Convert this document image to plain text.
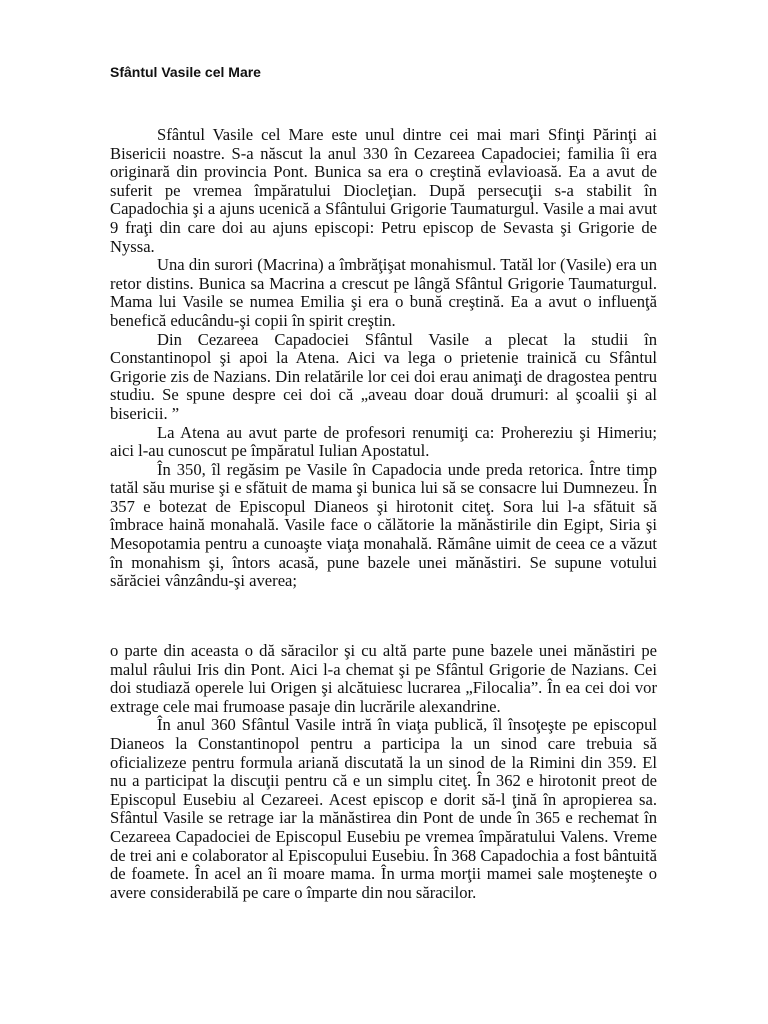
Sfântul Vasile cel Mare

Sfântul Vasile cel Mare este unul dintre cei mai mari Sfinţi Părinţi ai Bisericii noastre. S-a născut la anul 330 în Cezareea Capadociei; familia îi era originară din provincia Pont. Bunica sa era o creştină evlavioasă. Ea a avut de suferit pe vremea împăratului Diocleţian. După persecuţii s-a stabilit în Capadochia şi a ajuns ucenică a Sfântului Grigorie Taumaturgul. Vasile a mai avut 9 fraţi din care doi au ajuns episcopi: Petru episcop de Sevasta şi Grigorie de Nyssa.

Una din surori (Macrina) a îmbrăţişat monahismul. Tatăl lor (Vasile) era un retor distins. Bunica sa Macrina a crescut pe lângă Sfântul Grigorie Taumaturgul. Mama lui Vasile se numea Emilia şi era o bună creştină. Ea a avut o influenţă benefică educându-şi copii în spirit creştin.

Din Cezareea Capadociei Sfântul Vasile a plecat la studii în Constantinopol şi apoi la Atena. Aici va lega o prietenie trainică cu Sfântul Grigorie zis de Nazians. Din relatările lor cei doi erau animaţi de dragostea pentru studiu. Se spune despre cei doi că „aveau doar două drumuri: al şcoalii şi al bisericii. ”

La Atena au avut parte de profesori renumiţi ca: Proherezіu şi Himeriu; aici l-au cunoscut pe împăratul Iulian Apostatul.

În 350, îl regăsim pe Vasile în Capadocia unde preda retorica. Între timp tatăl său murise şi e sfătuit de mama şi bunica lui să se consacre lui Dumnezeu. În 357 e botezat de Episcopul Dianeos şi hirotonit citeţ. Sora lui l-a sfătuit să îmbrace haină monahală. Vasile face o călătorie la mănăstirile din Egipt, Siria şi Mesopotamia pentru a cunoaşte viaţa monahală. Rămâne uimit de ceea ce a văzut în monahism şi, întors acasă, pune bazele unei mănăstiri. Se supune votului sărăciei vânzându-şi averea;

o parte din aceasta o dă săracilor şi cu altă parte pune bazele unei mănăstiri pe malul râului Iris din Pont. Aici l-a chemat şi pe Sfântul Grigorie de Nazians. Cei doi studiază operele lui Origen şi alcătuiesc lucrarea „Filocalia”. În ea cei doi vor extrage cele mai frumoase pasaje din lucrările alexandrine.

În anul 360 Sfântul Vasile intră în viaţa publică, îl însoţeşte pe episcopul Dianeos la Constantinopol pentru a participa la un sinod care trebuia să oficializeze pentru formula ariană discutată la un sinod de la Rimini din 359. El nu a participat la discuţii pentru că e un simplu citeţ. În 362 e hirotonit preot de Episcopul Eusebiu al Cezareei. Acest episcop e dorit să-l ţină în apropierea sa. Sfântul Vasile se retrage iar la mănăstirea din Pont de unde în 365 e rechemat în Cezareea Capadociei de Episcopul Eusebiu pe vremea împăratului Valens. Vreme de trei ani e colaborator al Episcopului Eusebiu. În 368 Capadochia a fost bântuită de foamete. În acel an îi moare mama. În urma morţii mamei sale moşteneşte o avere considerabilă pe care o împarte din nou săracilor.
